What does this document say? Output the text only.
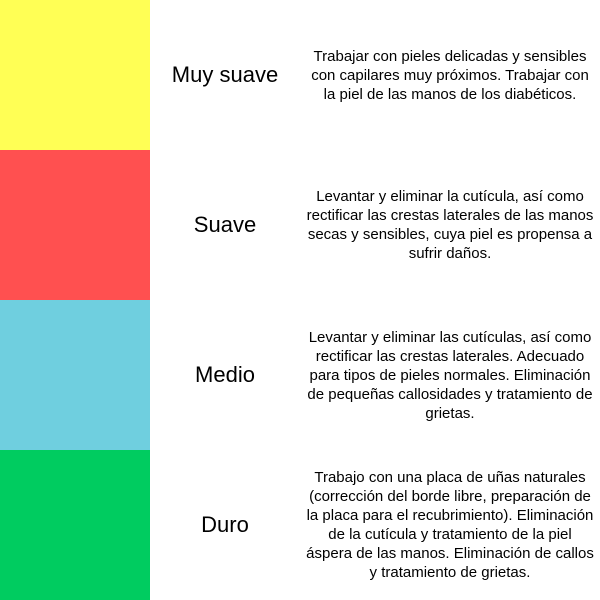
Muy suave
Trabajar con pieles delicadas y sensibles con capilares muy próximos. Trabajar con la piel de las manos de los diabéticos.
Suave
Levantar y eliminar la cutícula, así como rectificar las crestas laterales de las manos secas y sensibles, cuya piel es propensa a sufrir daños.
Medio
Levantar y eliminar las cutículas, así como rectificar las crestas laterales. Adecuado para tipos de pieles normales. Eliminación de pequeñas callosidades y tratamiento de grietas.
Duro
Trabajo con una placa de uñas naturales (corrección del borde libre, preparación de la placa para el recubrimiento). Eliminación de la cutícula y tratamiento de la piel áspera de las manos. Eliminación de callos y tratamiento de grietas.
